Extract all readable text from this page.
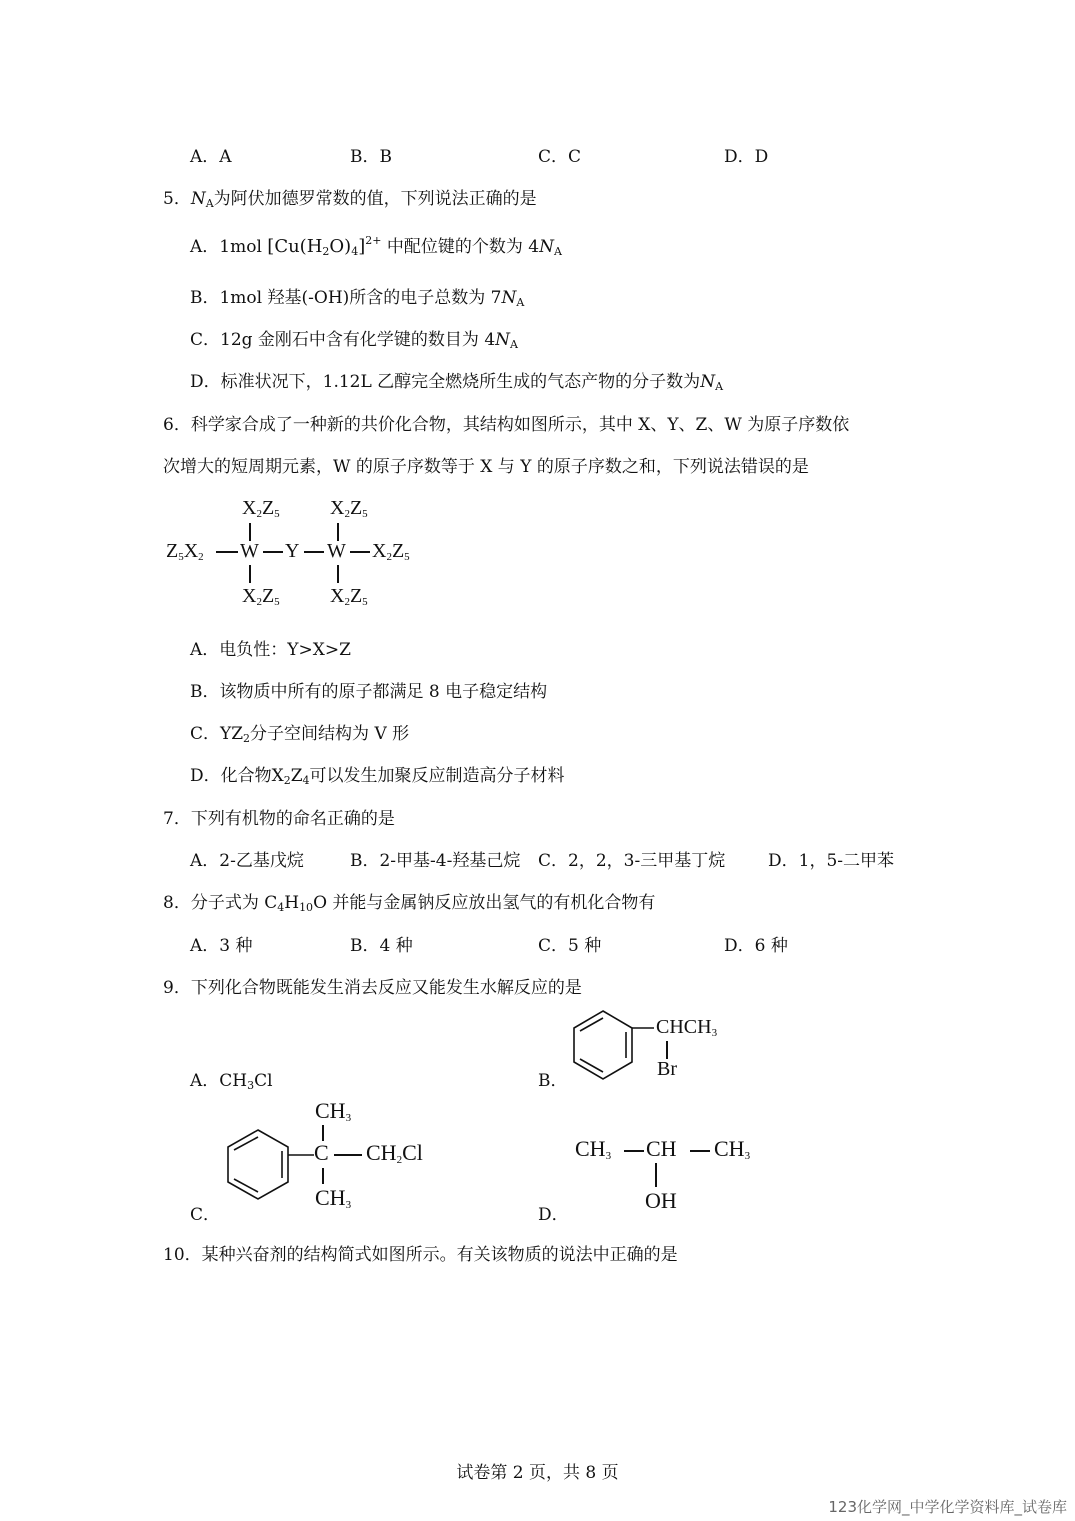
A．A	B．B	C．C	D．D
5．$N_A$为阿伏加德罗常数的值，下列说法正确的是
A．1mol $[Cu(H_2O)_4]^{2+}$ 中配位键的个数为 $4N_A$
B．1mol 羟基(-OH)所含的电子总数为 $7N_A$
C．12g 金刚石中含有化学键的数目为 $4N_A$
D．标准状况下，1.12L 乙醇完全燃烧所生成的气态产物的分子数为$N_A$
6．科学家合成了一种新的共价化合物，其结构如图所示，其中 X、Y、Z、W 为原子序数依
次增大的短周期元素，W 的原子序数等于 X 与 Y 的原子序数之和，下列说法错误的是
$X_2Z_5$	$X_2Z_5$
$Z_5X_2$ W Y W $X_2Z_5$
$X_2Z_5$	$X_2Z_5$
A．电负性：Y>X>Z
B．该物质中所有的原子都满足 8 电子稳定结构
C．$YZ_2$分子空间结构为 V 形
D．化合物$X_2Z_4$可以发生加聚反应制造高分子材料
7．下列有机物的命名正确的是
A．2-乙基戊烷	B．2-甲基-4-羟基己烷 C．2，2，3-三甲基丁烷	D．1，5-二甲苯
8．分子式为 $C_4H_{10}O$ 并能与金属钠反应放出氢气的有机化合物有
A．3 种	B．4 种	C．5 种	D．6 种
9．下列化合物既能发生消去反应又能发生水解反应的是
A．$CH_3Cl$	B．
$CHCH_3$
Br
C．
$CH_3$
C $CH_2Cl$
$CH_3$	D．
$CH_3$ CH $CH_3$
OH
10．某种兴奋剂的结构简式如图所示。有关该物质的说法中正确的是
试卷第 2 页，共 8 页
123化学网_中学化学资料库_试卷库
